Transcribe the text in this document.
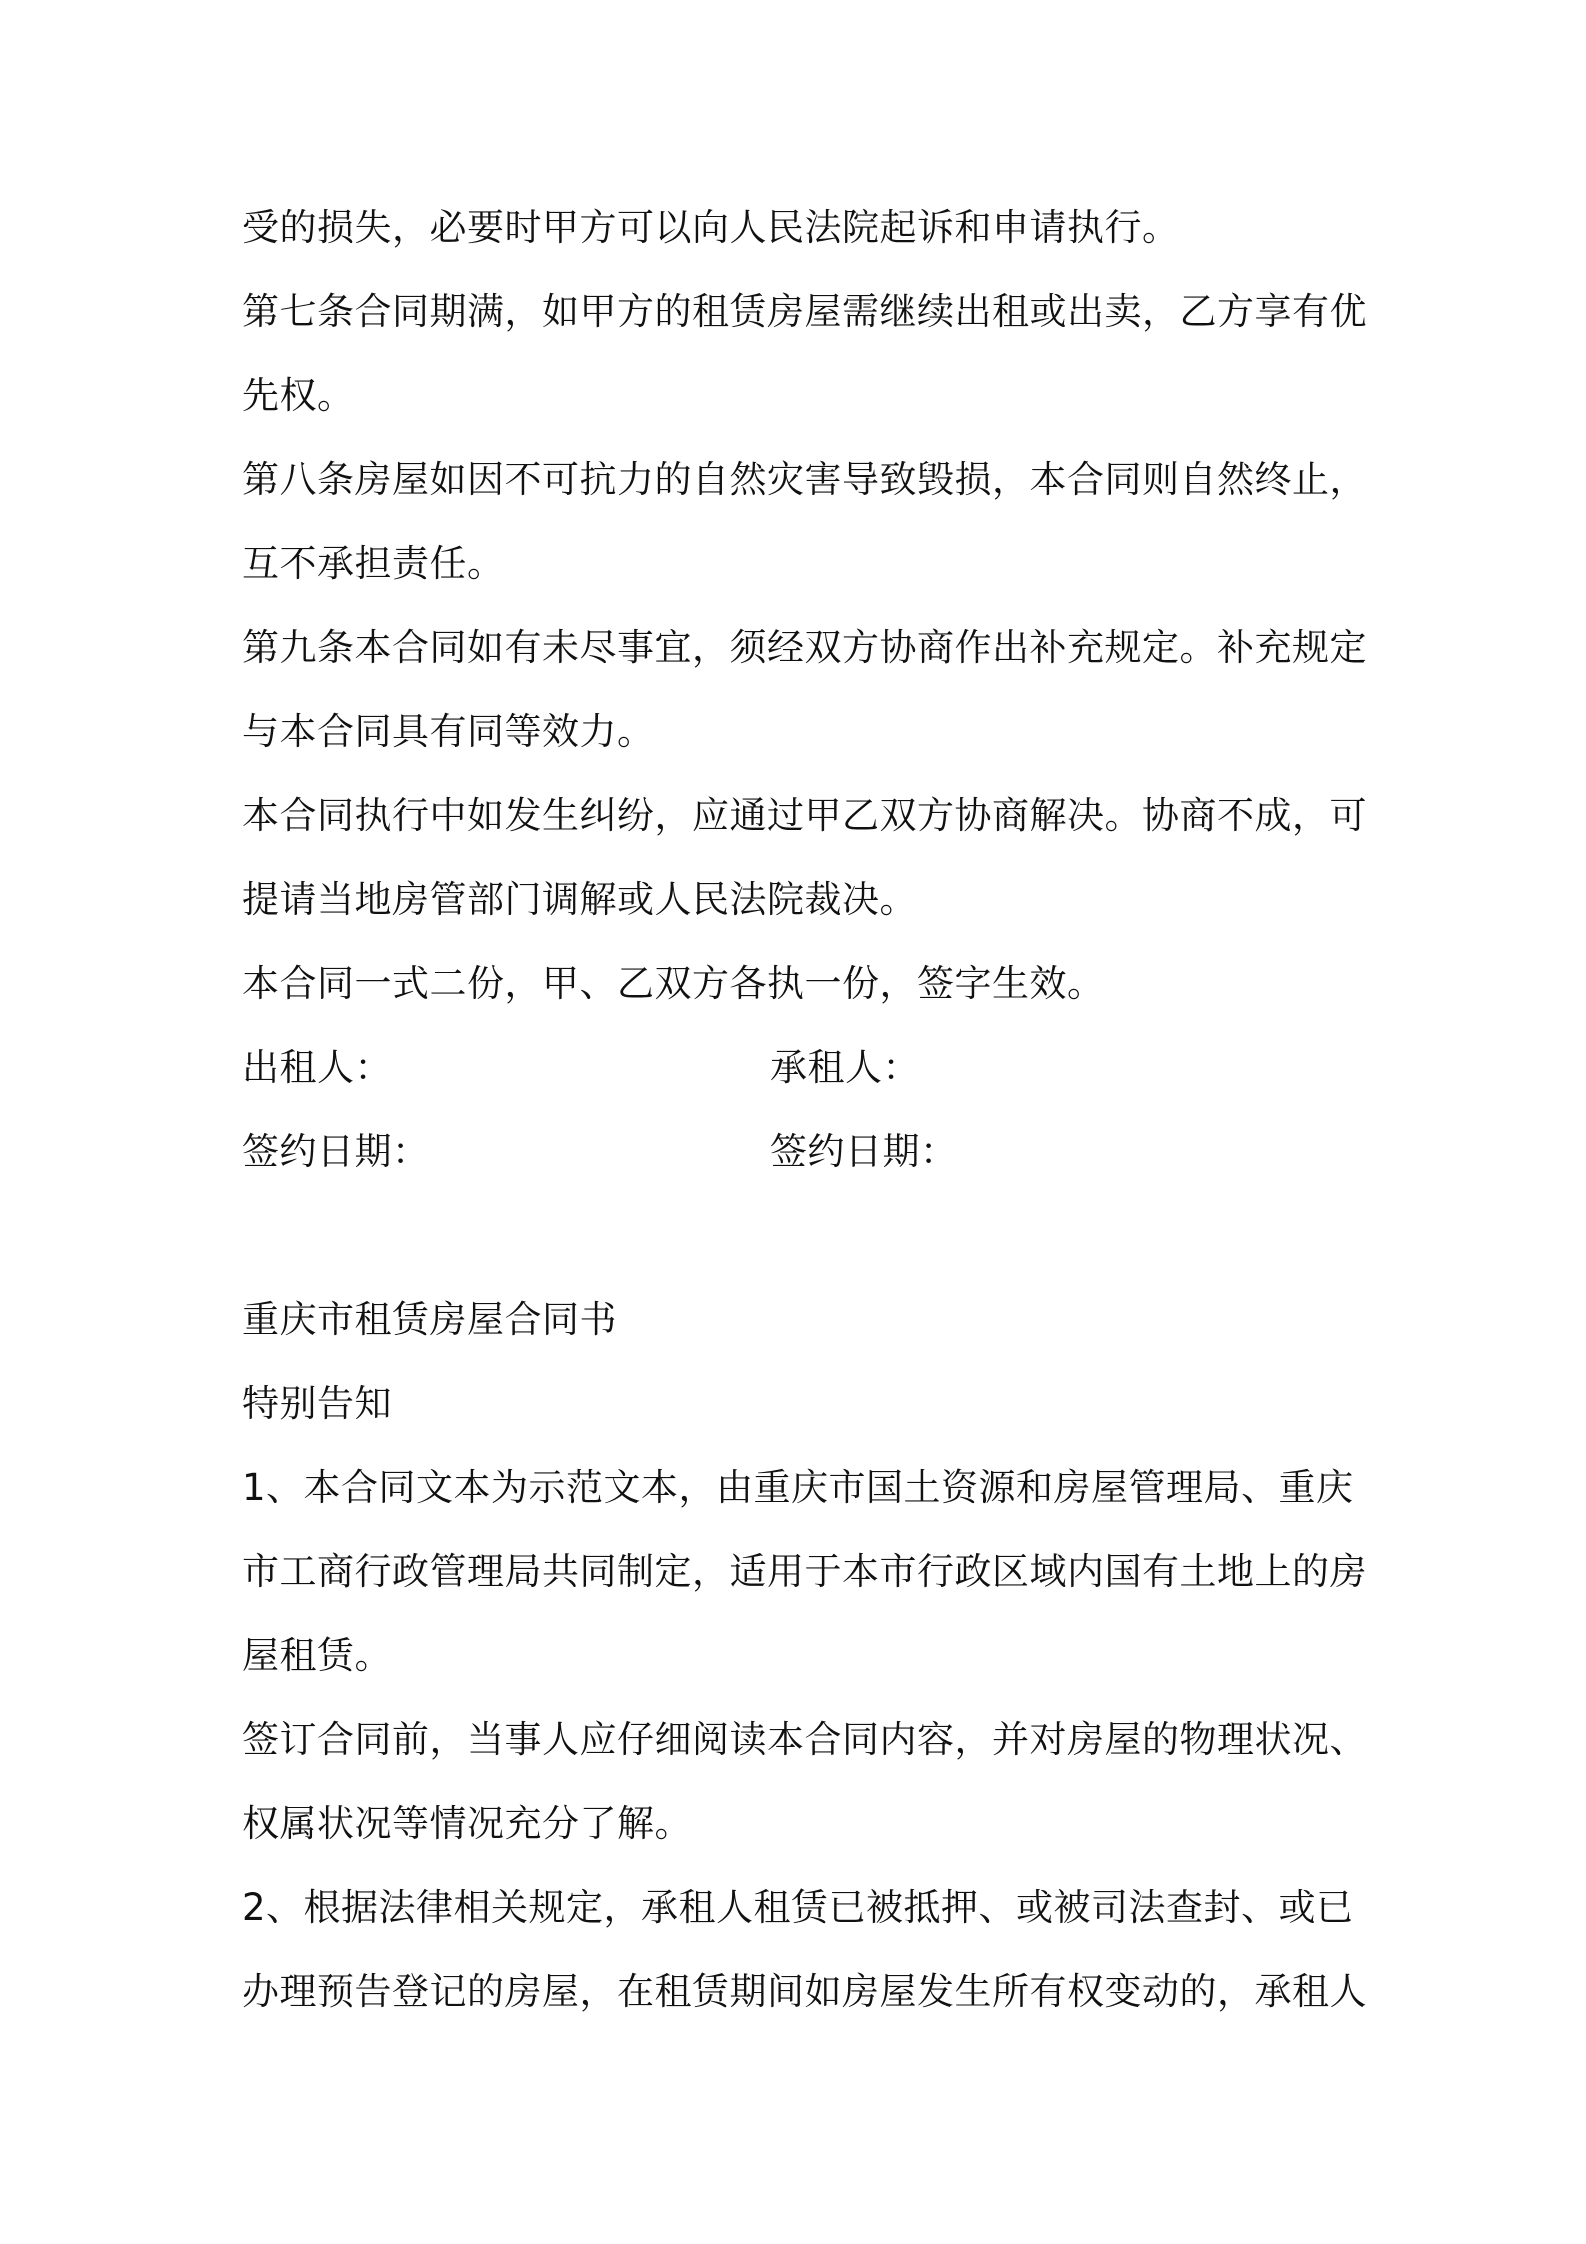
受的损失，必要时甲方可以向人民法院起诉和申请执行。
第七条合同期满，如甲方的租赁房屋需继续出租或出卖，乙方享有优
先权。
第八条房屋如因不可抗力的自然灾害导致毁损，本合同则自然终止，
互不承担责任。
第九条本合同如有未尽事宜，须经双方协商作出补充规定。补充规定
与本合同具有同等效力。
本合同执行中如发生纠纷，应通过甲乙双方协商解决。协商不成，可
提请当地房管部门调解或人民法院裁决。
本合同一式二份，甲、乙双方各执一份，签字生效。
出租人：	承租人：
签约日期：	签约日期：
重庆市租赁房屋合同书
特别告知
1、本合同文本为示范文本，由重庆市国土资源和房屋管理局、重庆
市工商行政管理局共同制定，适用于本市行政区域内国有土地上的房
屋租赁。
签订合同前，当事人应仔细阅读本合同内容，并对房屋的物理状况、
权属状况等情况充分了解。
2、根据法律相关规定，承租人租赁已被抵押、或被司法查封、或已
办理预告登记的房屋，在租赁期间如房屋发生所有权变动的，承租人
